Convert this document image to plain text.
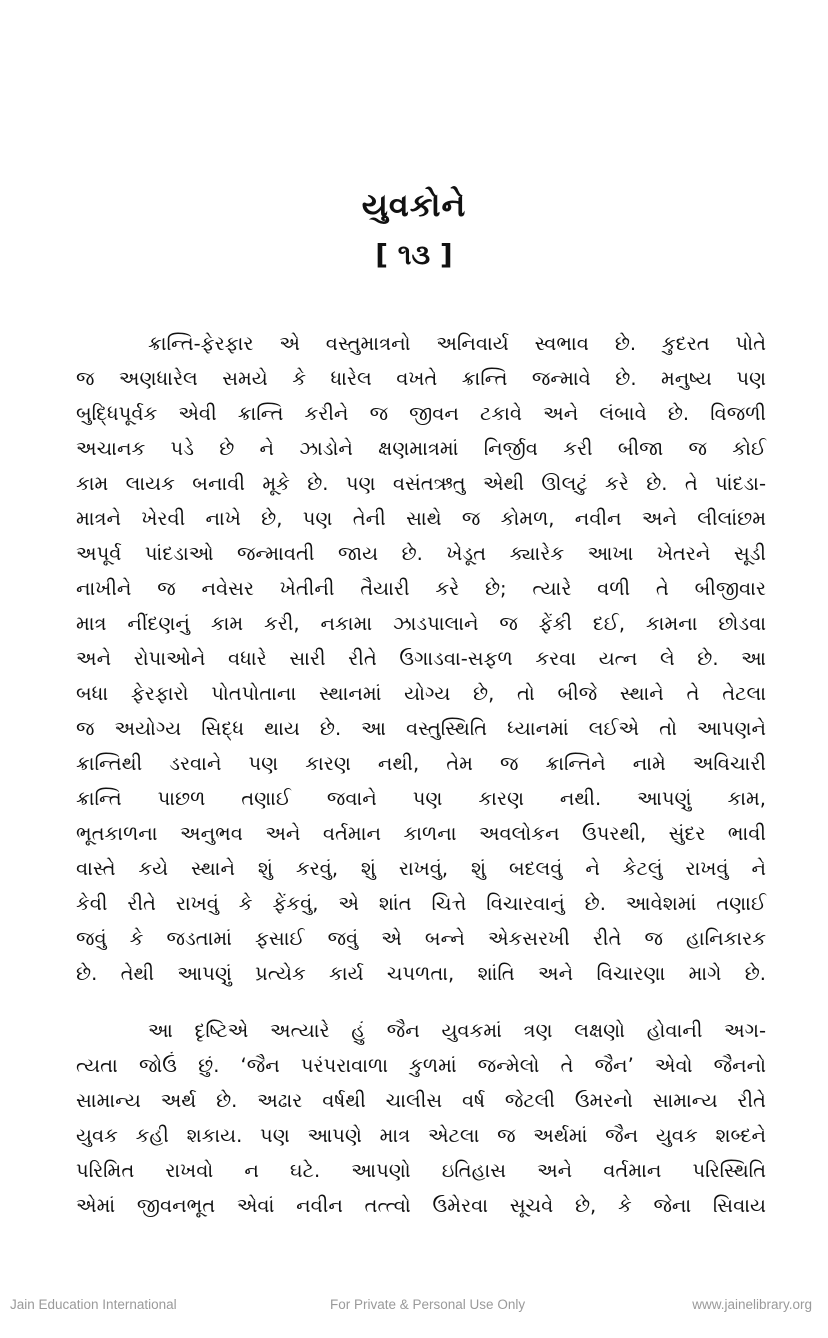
યુવકોને
[ ૧૩ ]
ક્રાન્તિ-ફેરફાર એ વસ્તુમાત્રનો અનિવાર્ય સ્વભાવ છે. કુદરત પોતે
જ અણધારેલ સમયે કે ધારેલ વખતે ક્રાન્તિ જન્માવે છે. મનુષ્ય પણ
બુદ્ધિપૂર્વક એવી ક્રાન્તિ કરીને જ જીવન ટકાવે અને લંબાવે છે. વિજળી
અચાનક પડે છે ને ઝાડોને ક્ષણમાત્રમાં નિર્જીવ કરી બીજા જ કોઈ
કામ લાયક બનાવી મૂકે છે. પણ વસંતઋતુ એથી ઊલટું કરે છે. તે પાંદડા-
માત્રને ખેરવી નાખે છે, પણ તેની સાથે જ કોમળ, નવીન અને લીલાંછમ
અપૂર્વ પાંદડાઓ જન્માવતી જાય છે. ખેડૂત ક્યારેક આખા ખેતરને સૂડી
નાખીને જ નવેસર ખેતીની તૈયારી કરે છે; ત્યારે વળી તે બીજીવાર
માત્ર નીંદણનું કામ કરી, નકામા ઝાડપાલાને જ ફેંકી દઈ, કામના છોડવા
અને રોપાઓને વધારે સારી રીતે ઉગાડવા-સફળ કરવા યત્ન લે છે. આ
બધા ફેરફારો પોતપોતાના સ્થાનમાં યોગ્ય છે, તો બીજે સ્થાને તે તેટલા
જ અયોગ્ય સિદ્ધ થાય છે. આ વસ્તુસ્થિતિ ધ્યાનમાં લઈએ તો આપણને
ક્રાન્તિથી ડરવાને પણ કારણ નથી, તેમ જ ક્રાન્તિને નામે અવિચારી
ક્રાન્તિ પાછળ તણાઈ જવાને પણ કારણ નથી. આપણું કામ,
ભૂતકાળના અનુભવ અને વર્તમાન કાળના અવલોકન ઉપરથી, સુંદર ભાવી
વાસ્તે કયે સ્થાને શું કરવું, શું રાખવું, શું બદલવું ને કેટલું રાખવું ને
કેવી રીતે રાખવું કે ફેંકવું, એ શાંત ચિત્તે વિચારવાનું છે. આવેશમાં તણાઈ
જવું કે જડતામાં ફસાઈ જવું એ બન્ને એકસરખી રીતે જ હાનિકારક
છે. તેથી આપણું પ્રત્યેક કાર્ય ચપળતા, શાંતિ અને વિચારણા માગે છે.
આ દૃષ્ટિએ અત્યારે હું જૈન યુવકમાં ત્રણ લક્ષણો હોવાની અગ-
ત્યતા જોઉં છું. ‘જૈન પરંપરાવાળા કુળમાં જન્મેલો તે જૈન’ એવો જૈનનો
સામાન્ય અર્થ છે. અઢાર વર્ષથી ચાલીસ વર્ષ જેટલી ઉમરનો સામાન્ય રીતે
યુવક કહી શકાય. પણ આપણે માત્ર એટલા જ અર્થમાં જૈન યુવક શબ્દને
પરિમિત રાખવો ન ઘટે. આપણો ઇતિહાસ અને વર્તમાન પરિસ્થિતિ
એમાં જીવનભૂત એવાં નવીન તત્ત્વો ઉમેરવા સૂચવે છે, કે જેના સિવાય
Jain Education International	For Private & Personal Use Only	www.jainelibrary.org
